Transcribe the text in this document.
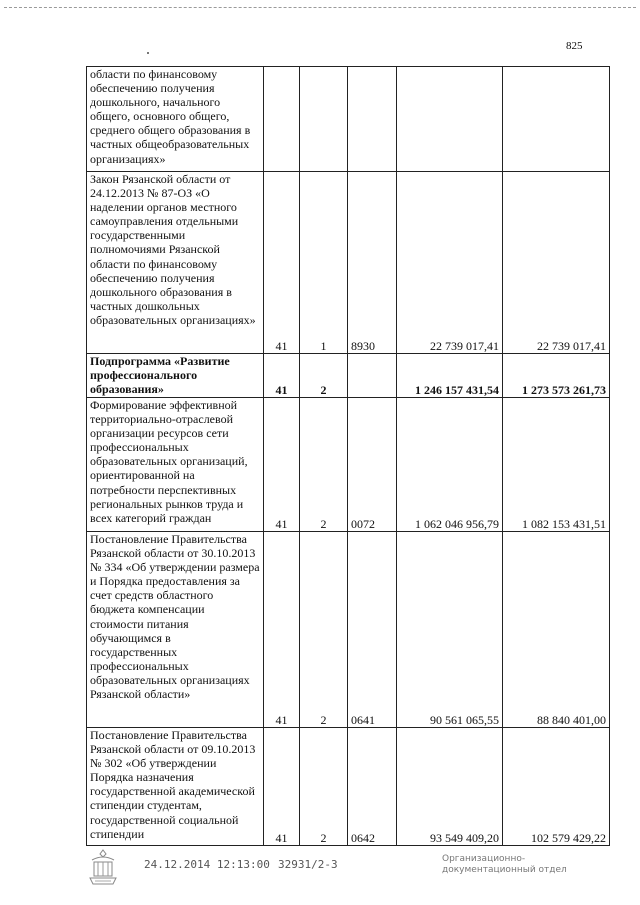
825
области по финансовому обеспечению получения дошкольного, начального общего, основного общего, среднего общего образования в частных общеобразовательных организациях»					
Закон Рязанской области от 24.12.2013 № 87-ОЗ «О наделении органов местного самоуправления отдельными государственными полномочиями Рязанской области по финансовому обеспечению получения дошкольного образования в частных дошкольных образовательных организациях»	41	1	8930	22 739 017,41	22 739 017,41
Подпрограмма «Развитие профессионального образования»	41	2		1 246 157 431,54	1 273 573 261,73
Формирование эффективной территориально-отраслевой организации ресурсов сети профессиональных образовательных организаций, ориентированной на потребности перспективных региональных рынков труда и всех категорий граждан	41	2	0072	1 062 046 956,79	1 082 153 431,51
Постановление Правительства Рязанской области от 30.10.2013 № 334 «Об утверждении размера и Порядка предоставления за счет средств областного бюджета компенсации стоимости питания обучающимся в государственных профессиональных образовательных организациях Рязанской области»	41	2	0641	90 561 065,55	88 840 401,00
Постановление Правительства Рязанской области от 09.10.2013 № 302 «Об утверждении Порядка назначения государственной академической стипендии студентам, государственной социальной стипендии	41	2	0642	93 549 409,20	102 579 429,22
24.12.2014 12:13:00 32931/2-3	Организационно-
документационный отдел
